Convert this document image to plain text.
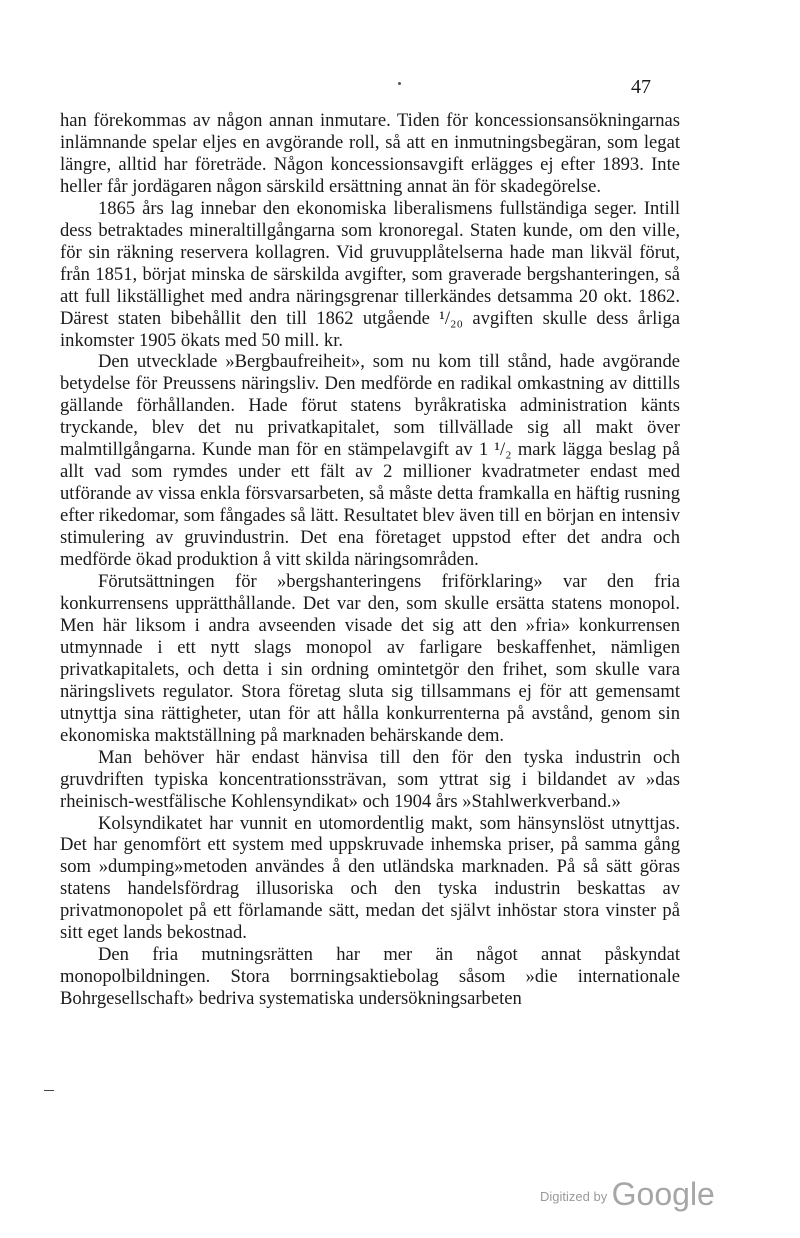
47

han förekommas av någon annan inmutare. Tiden för koncessionsansökningarnas inlämnande spelar eljes en avgörande roll, så att en inmutningsbegäran, som legat längre, alltid har företräde. Någon koncessionsavgift erlägges ej efter 1893. Inte heller får jordägaren någon särskild ersättning annat än för skadegörelse.

1865 års lag innebar den ekonomiska liberalismens fullständiga seger. Intill dess betraktades mineraltillgångarna som kronoregal. Staten kunde, om den ville, för sin räkning reservera kollagren. Vid gruvupplåtelserna hade man likväl förut, från 1851, börjat minska de särskilda avgifter, som graverade bergshanteringen, så att full likställighet med andra näringsgrenar tillerkändes detsamma 20 okt. 1862. Därest staten bibehållit den till 1862 utgående ¹/₂₀ avgiften skulle dess årliga inkomster 1905 ökats med 50 mill. kr.

Den utvecklade »Bergbaufreiheit», som nu kom till stånd, hade avgörande betydelse för Preussens näringsliv. Den medförde en radikal omkastning av dittills gällande förhållanden. Hade förut statens byråkratiska administration känts tryckande, blev det nu privatkapitalet, som tillvällade sig all makt över malmtillgångarna. Kunde man för en stämpelavgift av 1 ¹/₂ mark lägga beslag på allt vad som rymdes under ett fält av 2 millioner kvadratmeter endast med utförande av vissa enkla försvarsarbeten, så måste detta framkalla en häftig rusning efter rikedomar, som fångades så lätt. Resultatet blev även till en början en intensiv stimulering av gruvindustrin. Det ena företaget uppstod efter det andra och medförde ökad produktion å vitt skilda näringsområden.

Förutsättningen för »bergshanteringens friförklaring» var den fria konkurrensens upprätthållande. Det var den, som skulle ersätta statens monopol. Men här liksom i andra avseenden visade det sig att den »fria» konkurrensen utmynnade i ett nytt slags monopol av farligare beskaffenhet, nämligen privatkapitalets, och detta i sin ordning omintetgör den frihet, som skulle vara näringslivets regulator. Stora företag sluta sig tillsammans ej för att gemensamt utnyttja sina rättigheter, utan för att hålla konkurrenterna på avstånd, genom sin ekonomiska maktställning på marknaden behärskande dem.

Man behöver här endast hänvisa till den för den tyska industrin och gruvdriften typiska koncentrationssträvan, som yttrat sig i bildandet av »das rheinisch-westfälische Kohlensyndikat» och 1904 års »Stahlwerkverband.»

Kolsyndikatet har vunnit en utomordentlig makt, som hänsynslöst utnyttjas. Det har genomfört ett system med uppskruvade inhemska priser, på samma gång som »dumping»metoden användes å den utländska marknaden. På så sätt göras statens handelsfördrag illusoriska och den tyska industrin beskattas av privatmonopolet på ett förlamande sätt, medan det självt inhöstar stora vinster på sitt eget lands bekostnad.

Den fria mutningsrätten har mer än något annat påskyndat monopolbildningen. Stora borrningsaktiebolag såsom »die internationale Bohrgesellschaft» bedriva systematiska undersökningsarbeten

$^{Digitized by}$ Google
